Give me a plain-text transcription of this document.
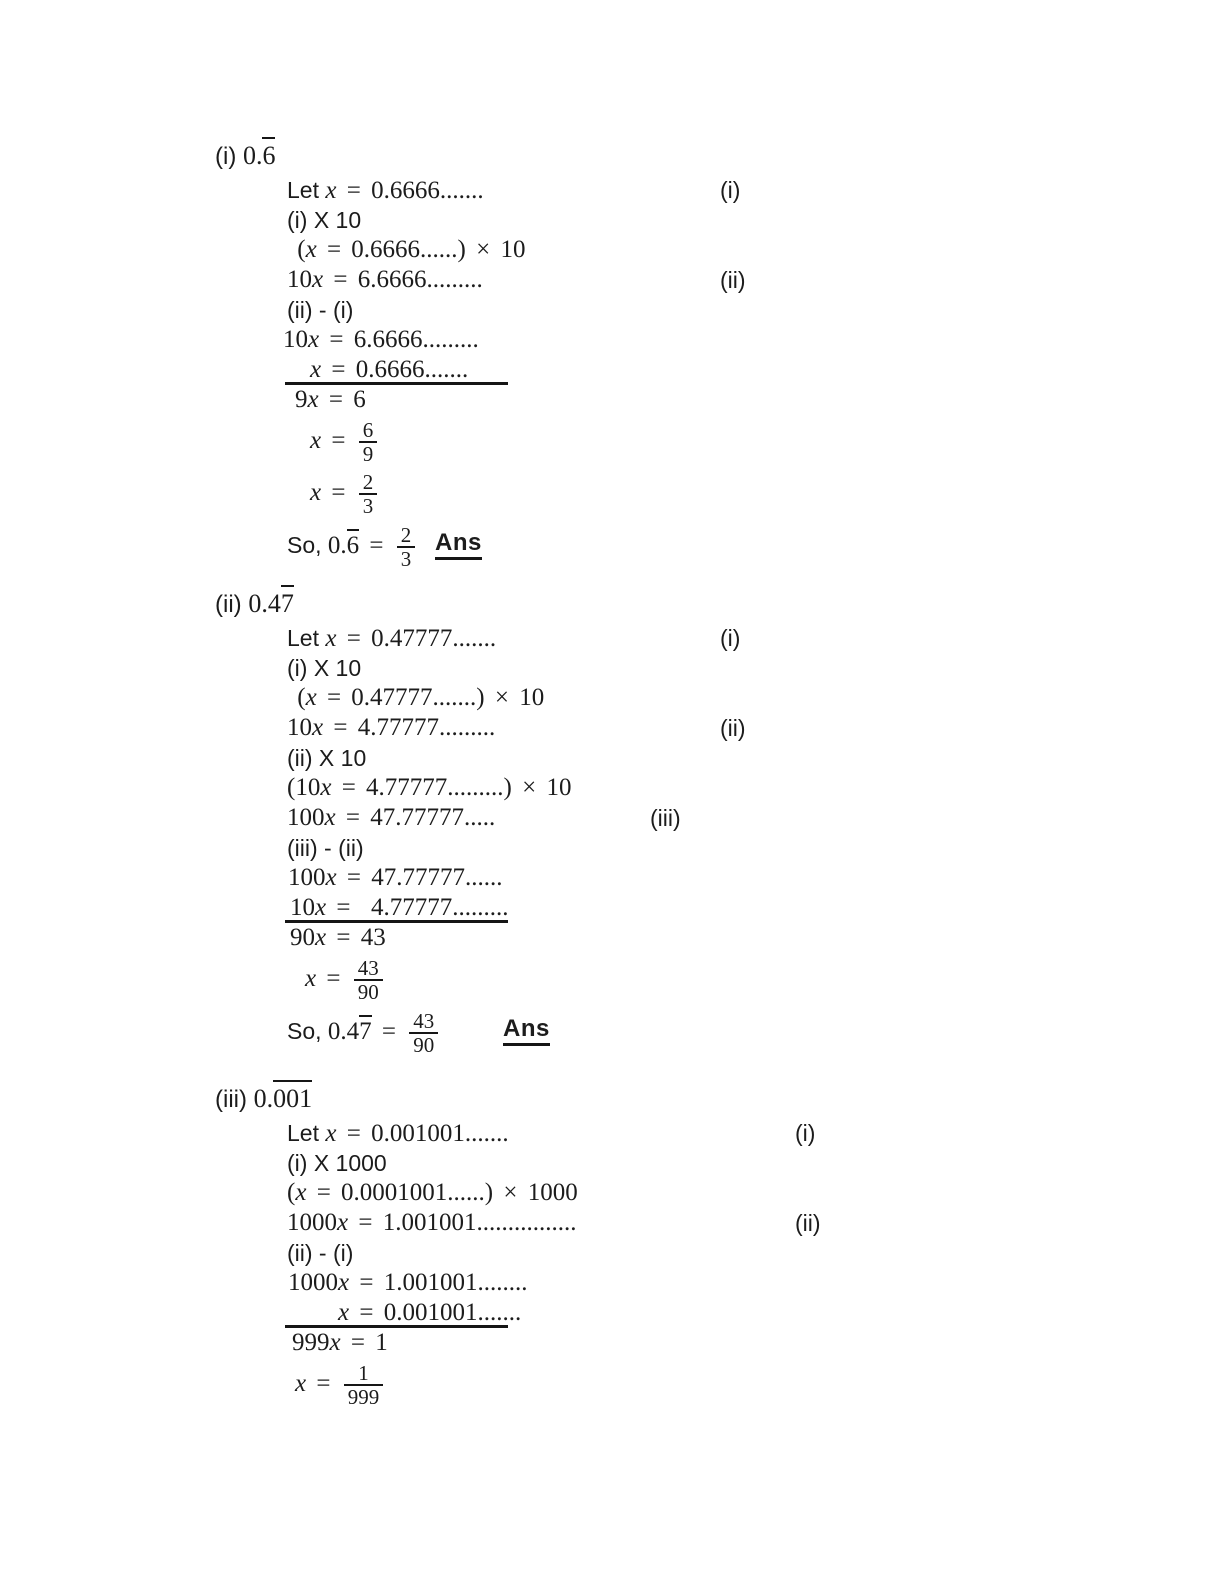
(i) 0.6
Let x = 0.6666.......	(i)
(i) X 10
(x = 0.6666......) × 10
10x = 6.6666.........	(ii)
(ii) - (i)
10x = 6.6666.........
x = 0.6666.......
9x = 6
$x = \frac{6}{9}$
$x = \frac{2}{3}$
So, $0.6 = \frac{2}{3}$ Ans
(ii) 0.47
Let x = 0.47777.......	(i)
(i) X 10
(x = 0.47777.......) × 10
10x = 4.77777.........	(ii)
(ii) X 10
(10x = 4.77777.........) × 10
100x = 47.77777.....	(iii)
(iii) - (ii)
100x = 47.77777......
10x =  4.77777.........
90x = 43
$x = \frac{43}{90}$
So, $0.47 = \frac{43}{90}$	Ans
(iii) 0.001
Let x = 0.001001.......	(i)
(i) X 1000
(x = 0.0001001......) × 1000
1000x = 1.001001................	(ii)
(ii) - (i)
1000x = 1.001001........
x = 0.001001.......
999x = 1
$x = \frac{1}{999}$
